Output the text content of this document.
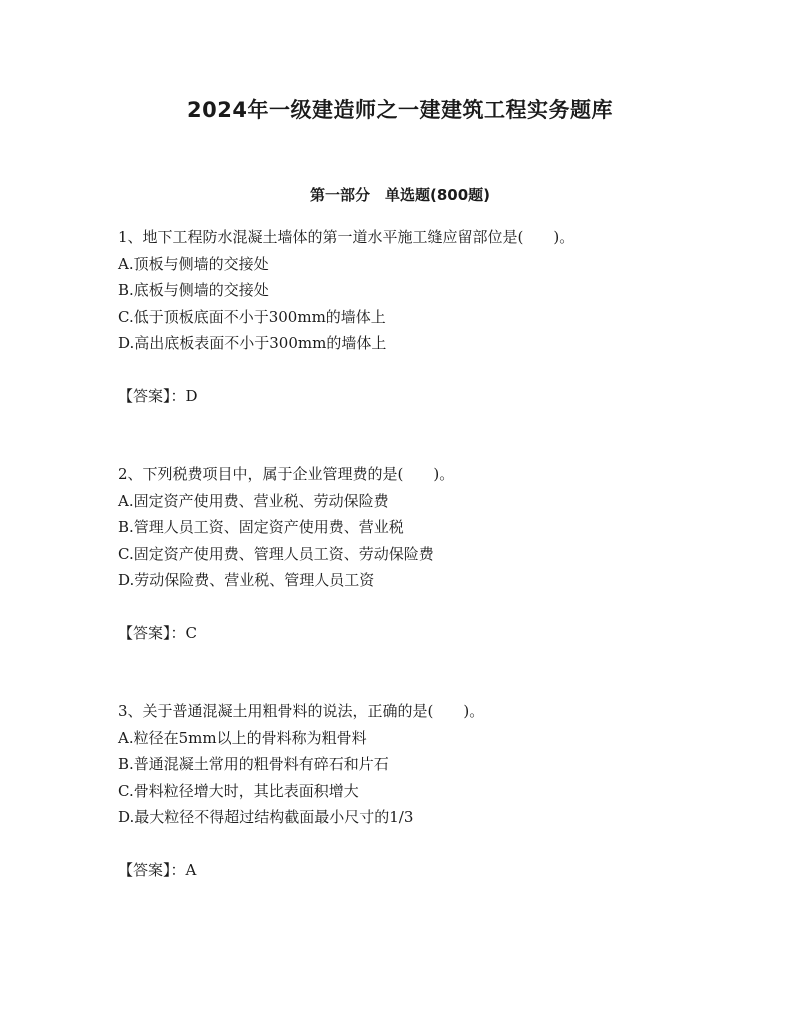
2024年一级建造师之一建建筑工程实务题库
第一部分　单选题(800题)

1、地下工程防水混凝土墙体的第一道水平施工缝应留部位是(　　)。

A.顶板与侧墙的交接处

B.底板与侧墙的交接处

C.低于顶板底面不小于300mm的墙体上

D.高出底板表面不小于300mm的墙体上

【答案】：D

2、下列税费项目中，属于企业管理费的是(　　)。

A.固定资产使用费、营业税、劳动保险费

B.管理人员工资、固定资产使用费、营业税

C.固定资产使用费、管理人员工资、劳动保险费

D.劳动保险费、营业税、管理人员工资

【答案】：C

3、关于普通混凝土用粗骨料的说法，正确的是(　　)。

A.粒径在5mm以上的骨料称为粗骨料

B.普通混凝土常用的粗骨料有碎石和片石

C.骨料粒径增大时，其比表面积增大

D.最大粒径不得超过结构截面最小尺寸的1/3

【答案】：A
